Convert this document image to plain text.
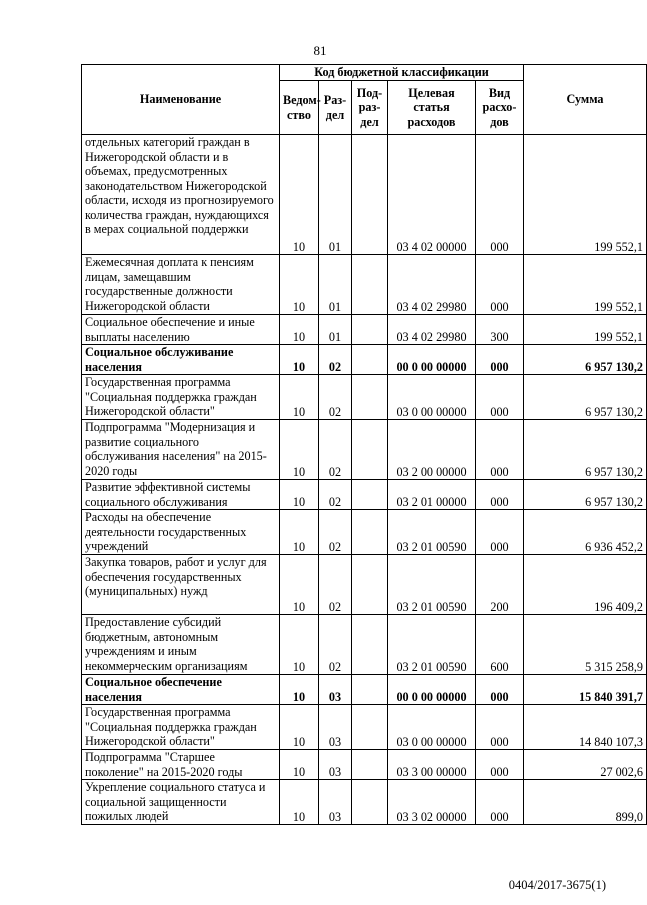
81
Наименование	Код бюджетной классификации					Сумма
	Ведом-ство	Раз-дел	Под-раз-дел	Целевая статья расходов	Вид расхо-дов	
отдельных категорий граждан в Нижегородской области и в объемах, предусмотренных законодательством Нижегородской области, исходя из прогнозируемого количества граждан, нуждающихся в мерах социальной поддержки	10	01		03 4 02 00000	000	199 552,1
Ежемесячная доплата к пенсиям лицам, замещавшим государственные должности Нижегородской области	10	01		03 4 02 29980	000	199 552,1
Социальное обеспечение и иные выплаты населению	10	01		03 4 02 29980	300	199 552,1
Социальное обслуживание населения	10	02		00 0 00 00000	000	6 957 130,2
Государственная программа "Социальная поддержка граждан Нижегородской области"	10	02		03 0 00 00000	000	6 957 130,2
Подпрограмма "Модернизация и развитие социального обслуживания населения" на 2015-2020 годы	10	02		03 2 00 00000	000	6 957 130,2
Развитие эффективной системы социального обслуживания	10	02		03 2 01 00000	000	6 957 130,2
Расходы на обеспечение деятельности государственных учреждений	10	02		03 2 01 00590	000	6 936 452,2
Закупка товаров, работ и услуг для обеспечения государственных (муниципальных) нужд	10	02		03 2 01 00590	200	196 409,2
Предоставление субсидий бюджетным, автономным учреждениям и иным некоммерческим организациям	10	02		03 2 01 00590	600	5 315 258,9
Социальное обеспечение населения	10	03		00 0 00 00000	000	15 840 391,7
Государственная программа "Социальная поддержка граждан Нижегородской области"	10	03		03 0 00 00000	000	14 840 107,3
Подпрограмма "Старшее поколение" на 2015-2020 годы	10	03		03 3 00 00000	000	27 002,6
Укрепление социального статуса и социальной защищенности пожилых людей	10	03		03 3 02 00000	000	899,0
0404/2017-3675(1)
